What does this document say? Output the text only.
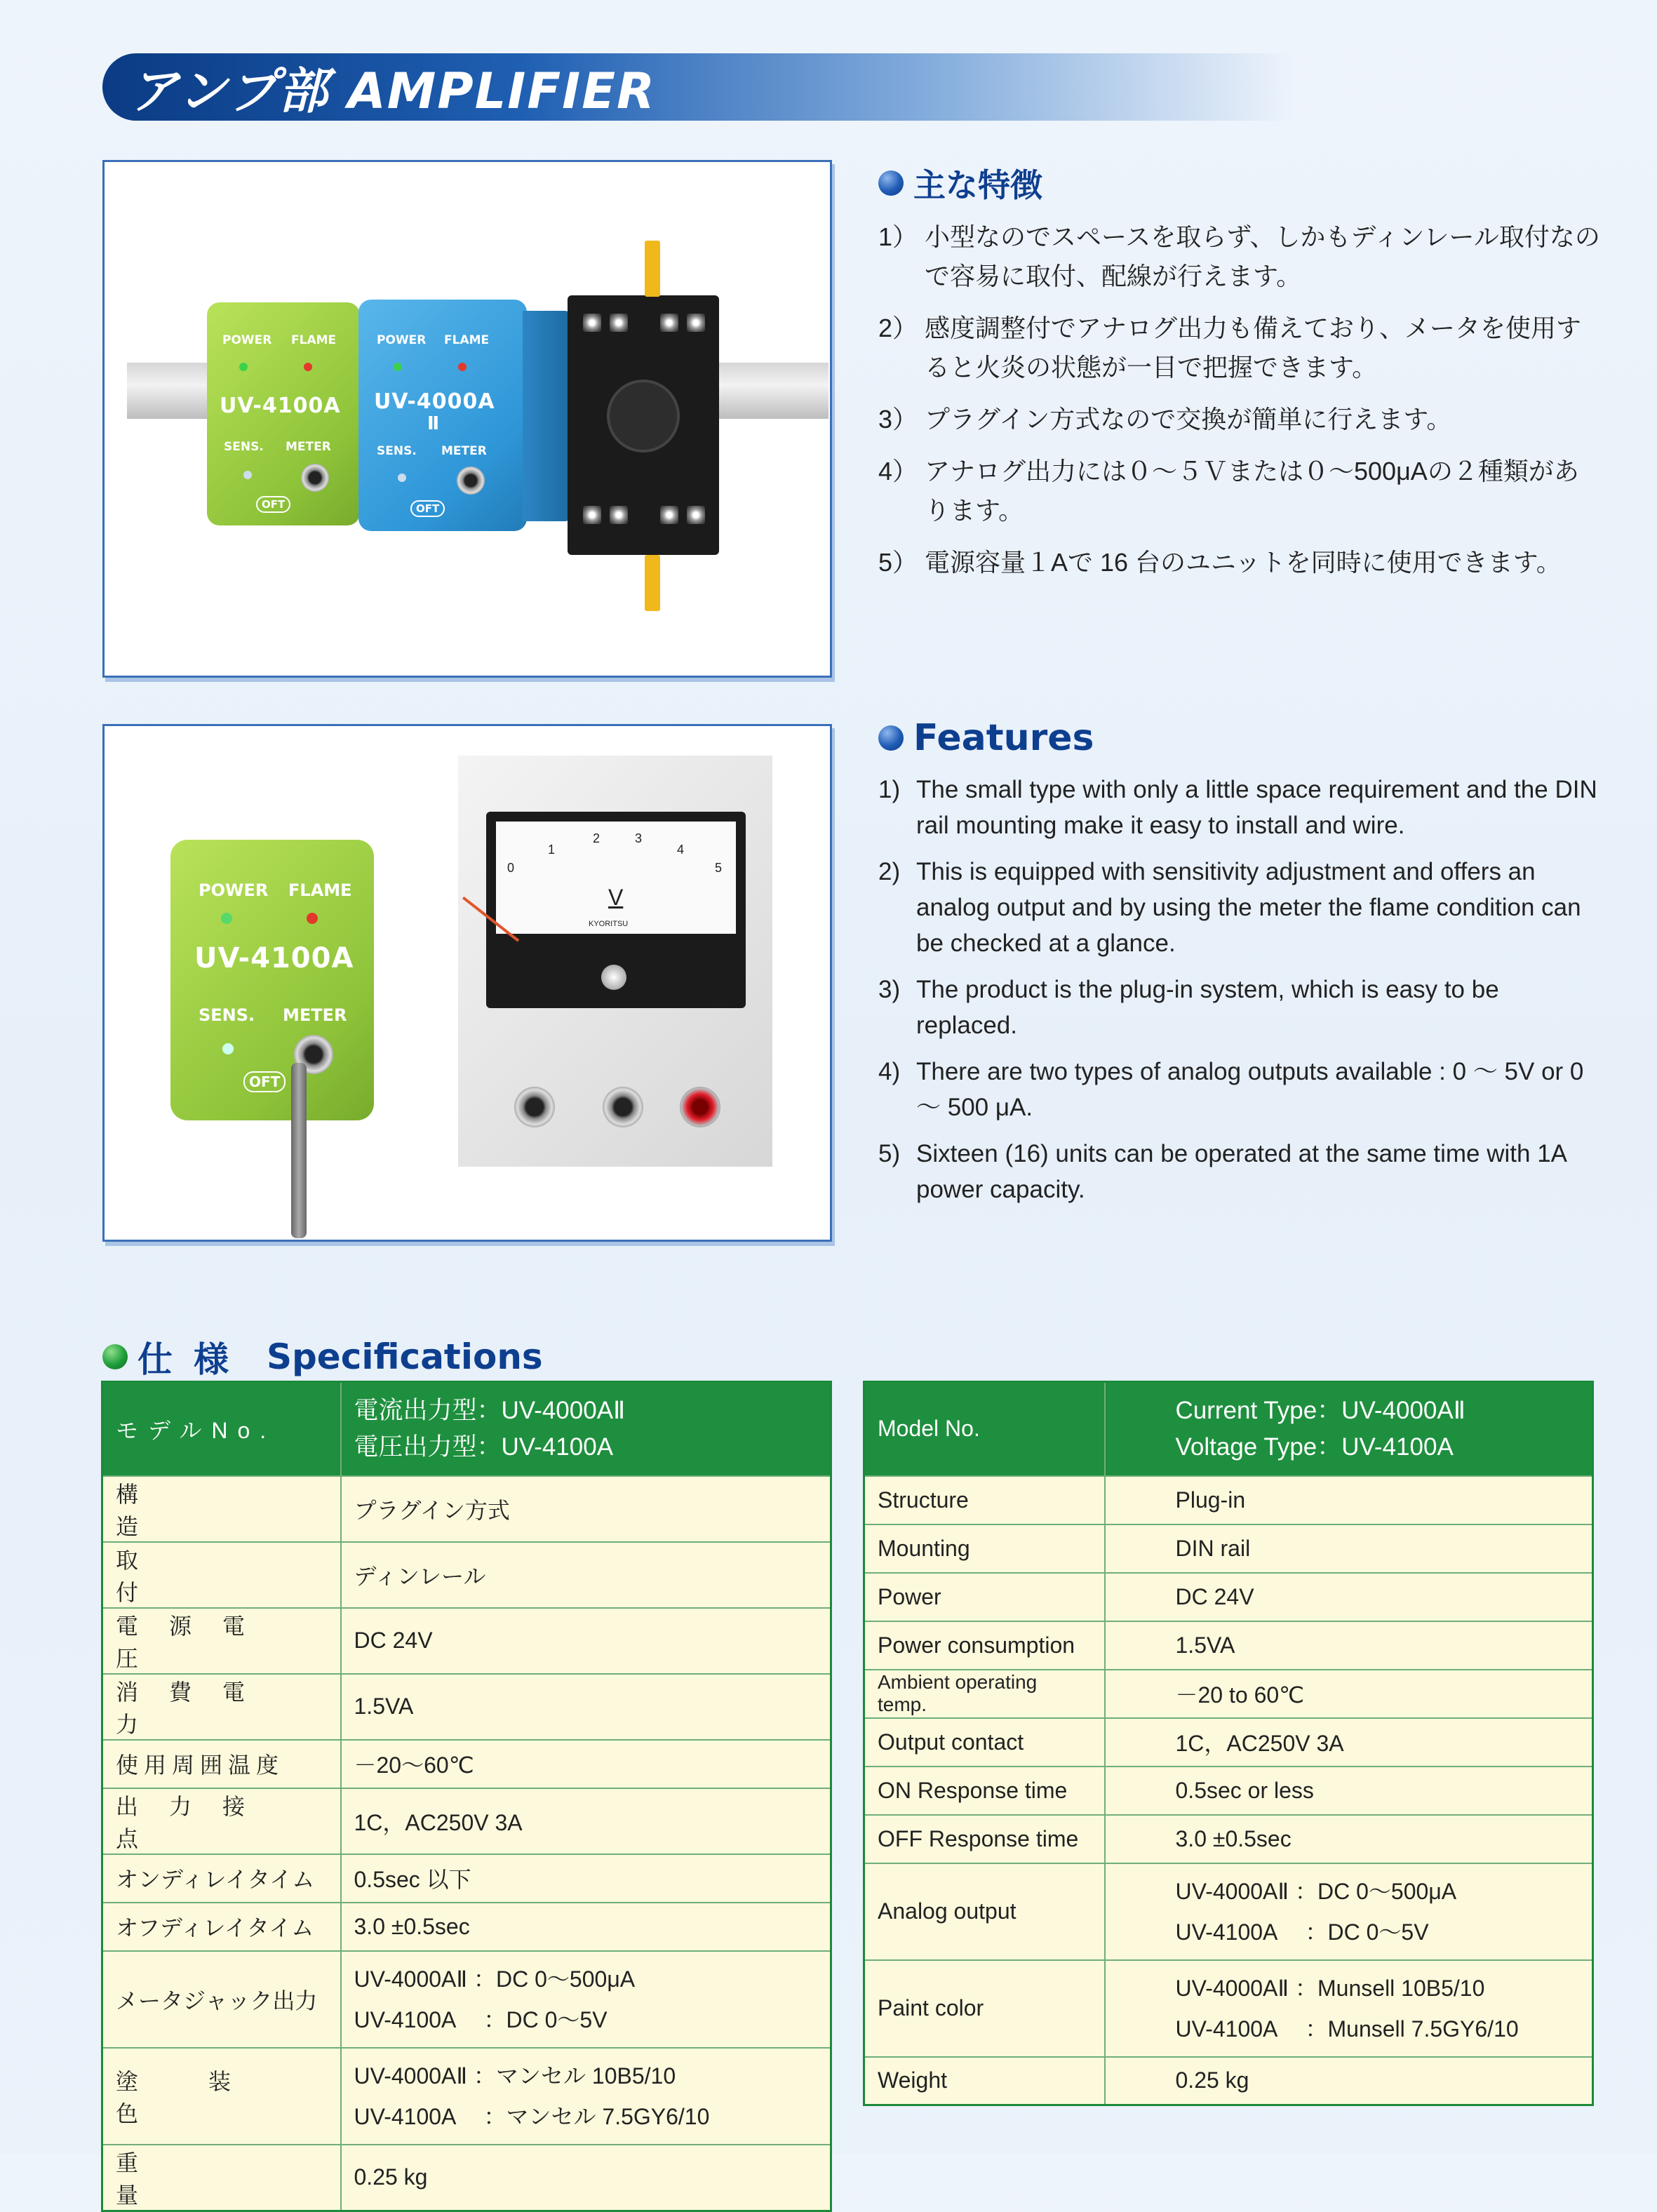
アンプ部 AMPLIFIER
POWER FLAME
UV-4100A
SENS. METER
OFT
POWER FLAME
UV-4000A
Ⅱ
SENS. METER
OFT
POWER FLAME
UV-4100A
SENS. METER
OFT
0
1
2	3
4
5
V
KYORITSU
主な特徴
1） 小型なのでスペースを取らず、しかもディンレール取付なので容易に取付、配線が行えます。
2） 感度調整付でアナログ出力も備えており、メータを使用すると火炎の状態が一目で把握できます。
3） プラグイン方式なので交換が簡単に行えます。
4） アナログ出力には０～５Ｖまたは０～500μAの２種類があります。
5） 電源容量１Aで 16 台のユニットを同時に使用できます。
Features
1) The small type with only a little space requirement and the DIN rail mounting make it easy to install and wire.
2) This is equipped with sensitivity adjustment and offers an analog output and by using the meter the flame condition can be checked at a glance.
3) The product is the plug-in system, which is easy to be replaced.
4) There are two types of analog outputs available : 0 ～ 5V or 0 ～ 500 μA.
5) Sixteen (16) units can be operated at the same time with 1A power capacity.
仕様 Specifications
モデルNo.	電流出力型：UV-4000AⅡ
電圧出力型：UV-4100A

構造	プラグイン方式
取付	ディンレール
電源電圧	DC 24V
消費電力	1.5VA
使用周囲温度	－20～60℃
出力接点	1C，AC250V 3A
オンディレイタイム	0.5sec 以下
オフディレイタイム	3.0 ±0.5sec
メータジャック出力	UV-4000AⅡ ：DC 0～500μA
UV-4100A　 ：DC 0～5V

塗装色	UV-4000AⅡ ：マンセル 10B5/10
UV-4100A　 ：マンセル 7.5GY6/10

重量	0.25 kg
Model No.	Current Type：UV-4000AⅡ
Voltage Type：UV-4100A

Structure	Plug-in
Mounting	DIN rail
Power	DC 24V
Power consumption	1.5VA
Ambient operating temp.	－20 to 60℃
Output contact	1C，AC250V 3A
ON Response time	0.5sec or less
OFF Response time	3.0 ±0.5sec
Analog output	UV-4000AⅡ ：DC 0～500μA
UV-4100A　 ：DC 0～5V

Paint color	UV-4000AⅡ ：Munsell 10B5/10
UV-4100A　 ：Munsell 7.5GY6/10

Weight	0.25 kg
